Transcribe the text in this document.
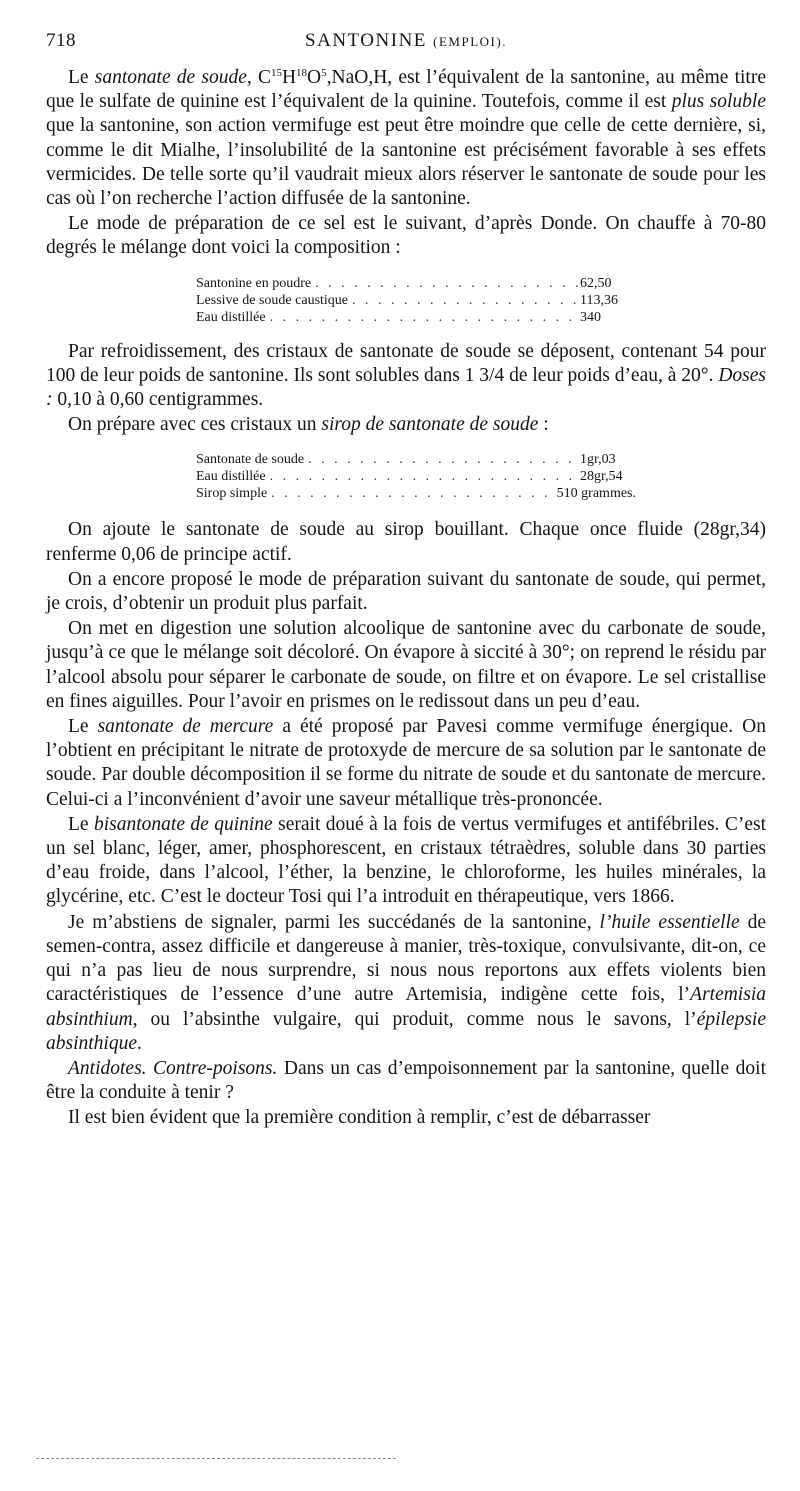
718	SANTONINE (EMPLOI).

Le santonate de soude, $C^{15}H^{18}O^5,NaO,H$, est l’équivalent de la santonine, au même titre que le sulfate de quinine est l’équivalent de la quinine. Toutefois, comme il est plus soluble que la santonine, son action vermifuge est peut être moindre que celle de cette dernière, si, comme le dit Mialhe, l’insolubilité de la santonine est précisément favorable à ses effets vermicides. De telle sorte qu’il vaudrait mieux alors réserver le santonate de soude pour les cas où l’on recherche l’action diffusée de la santonine.

Le mode de préparation de ce sel est le suivant, d’après Donde. On chauffe à 70-80 degrés le mélange dont voici la composition :

Santonine en poudre . . .	62,50
Lessive de soude caustique . . .	113,36
Eau distillée . . .	340

Par refroidissement, des cristaux de santonate de soude se déposent, contenant 54 pour 100 de leur poids de santonine. Ils sont solubles dans 1 3/4 de leur poids d’eau, à 20°. Doses : 0,10 à 0,60 centigrammes.

On prépare avec ces cristaux un sirop de santonate de soude :

Santonate de soude . . .	1gr,03
Eau distillée . . .	28gr,54
Sirop simple . . .	510 grammes.

On ajoute le santonate de soude au sirop bouillant. Chaque once fluide (28gr,34) renferme 0,06 de principe actif.

On a encore proposé le mode de préparation suivant du santonate de soude, qui permet, je crois, d’obtenir un produit plus parfait.

On met en digestion une solution alcoolique de santonine avec du carbonate de soude, jusqu’à ce que le mélange soit décoloré. On évapore à siccité à 30°; on reprend le résidu par l’alcool absolu pour séparer le carbonate de soude, on filtre et on évapore. Le sel cristallise en fines aiguilles. Pour l’avoir en prismes on le redissout dans un peu d’eau.

Le santonate de mercure a été proposé par Pavesi comme vermifuge énergique. On l’obtient en précipitant le nitrate de protoxyde de mercure de sa solution par le santonate de soude. Par double décomposition il se forme du nitrate de soude et du santonate de mercure. Celui-ci a l’inconvénient d’avoir une saveur métallique très-prononcée.

Le bisantonate de quinine serait doué à la fois de vertus vermifuges et antifébriles. C’est un sel blanc, léger, amer, phosphorescent, en cristaux tétraèdres, soluble dans 30 parties d’eau froide, dans l’alcool, l’éther, la benzine, le chloroforme, les huiles minérales, la glycérine, etc. C’est le docteur Tosi qui l’a introduit en thérapeutique, vers 1866.

Je m’abstiens de signaler, parmi les succédanés de la santonine, l’huile essentielle de semen-contra, assez difficile et dangereuse à manier, très-toxique, convulsivante, dit-on, ce qui n’a pas lieu de nous surprendre, si nous nous reportons aux effets violents bien caractéristiques de l’essence d’une autre Artemisia, indigène cette fois, l’Artemisia absinthium, ou l’absinthe vulgaire, qui produit, comme nous le savons, l’épilepsie absinthique.

Antidotes. Contre-poisons. Dans un cas d’empoisonnement par la santonine, quelle doit être la conduite à tenir ?

Il est bien évident que la première condition à remplir, c’est de débarrasser
